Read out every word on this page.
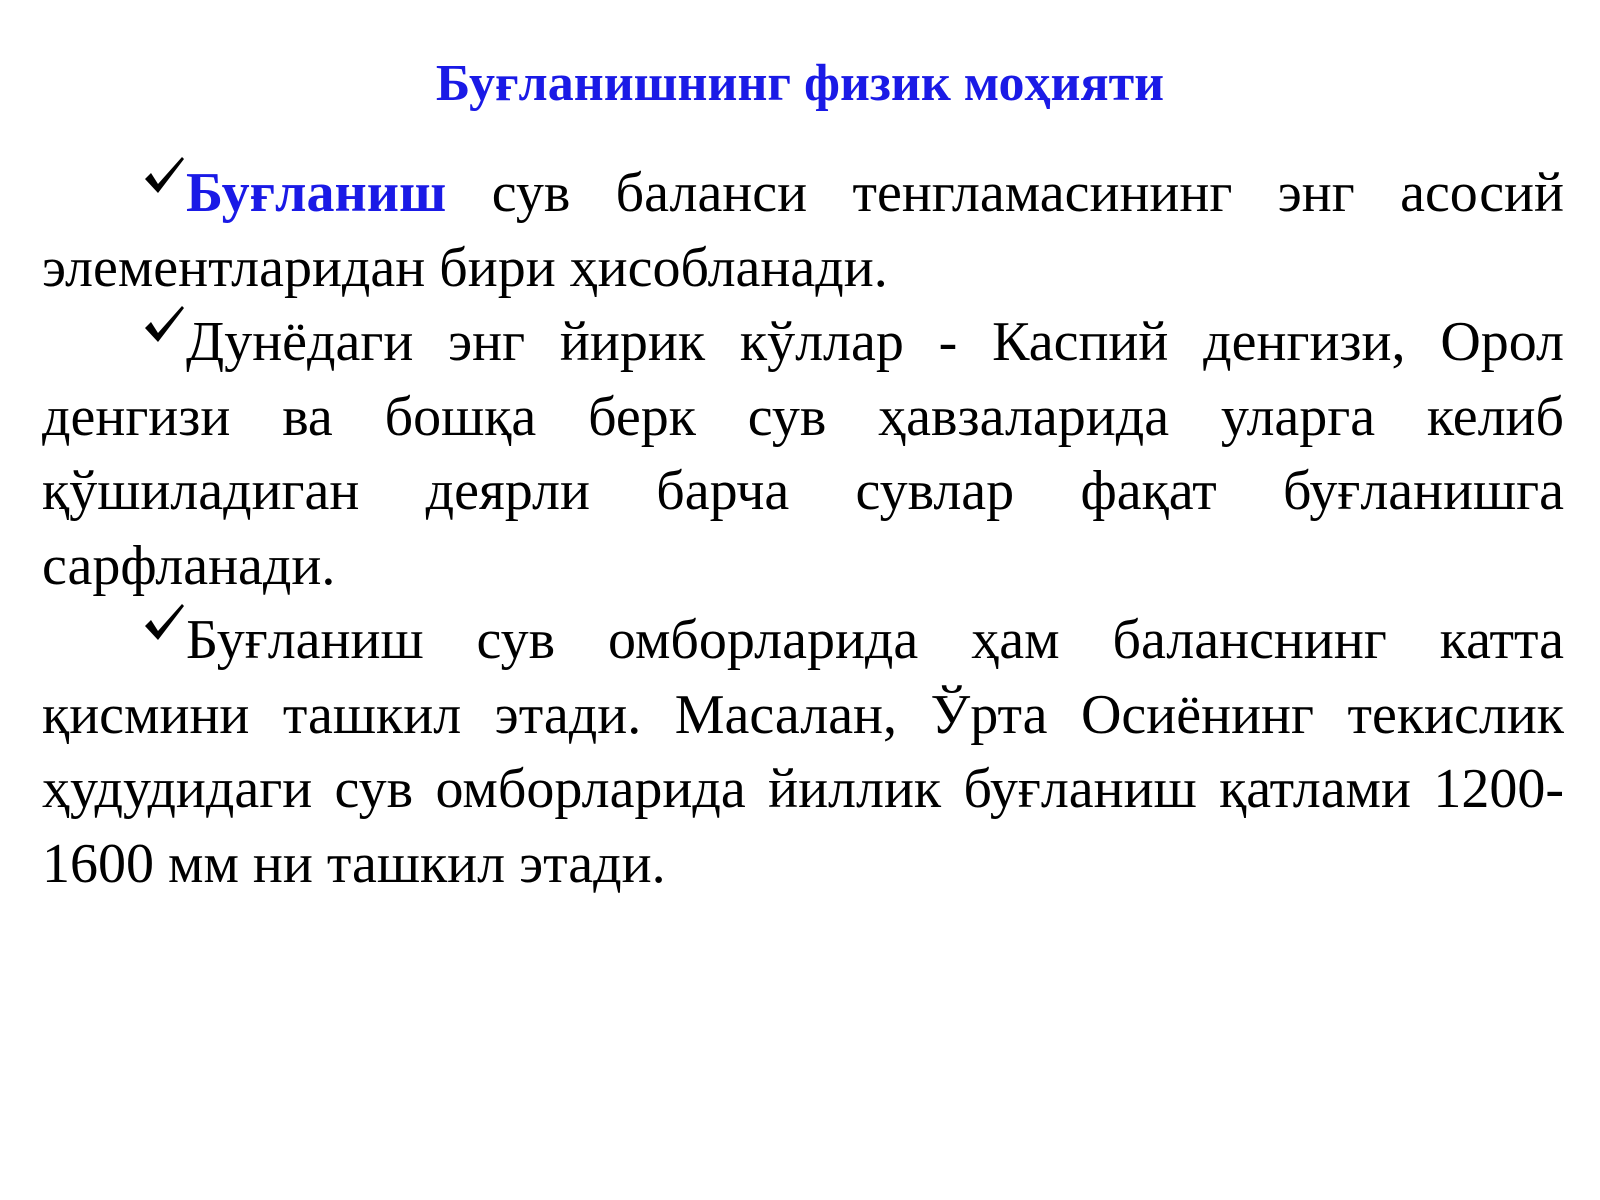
Буғланишнинг физик моҳияти

Буғланиш сув баланси тенгламасининг энг асосий элементларидан бири ҳисобланади.

Дунёдаги энг йирик кўллар - Каспий денгизи, Орол денгизи ва бошқа берк сув ҳавзаларида уларга келиб қўшиладиган деярли барча сувлар фақат буғланишга сарфланади.

Буғланиш сув омборларида ҳам баланснинг катта қисмини ташкил этади. Масалан, Ўрта Осиёнинг текислик ҳудудидаги сув омборларида йиллик буғланиш қатлами 1200-1600 мм ни ташкил этади.
